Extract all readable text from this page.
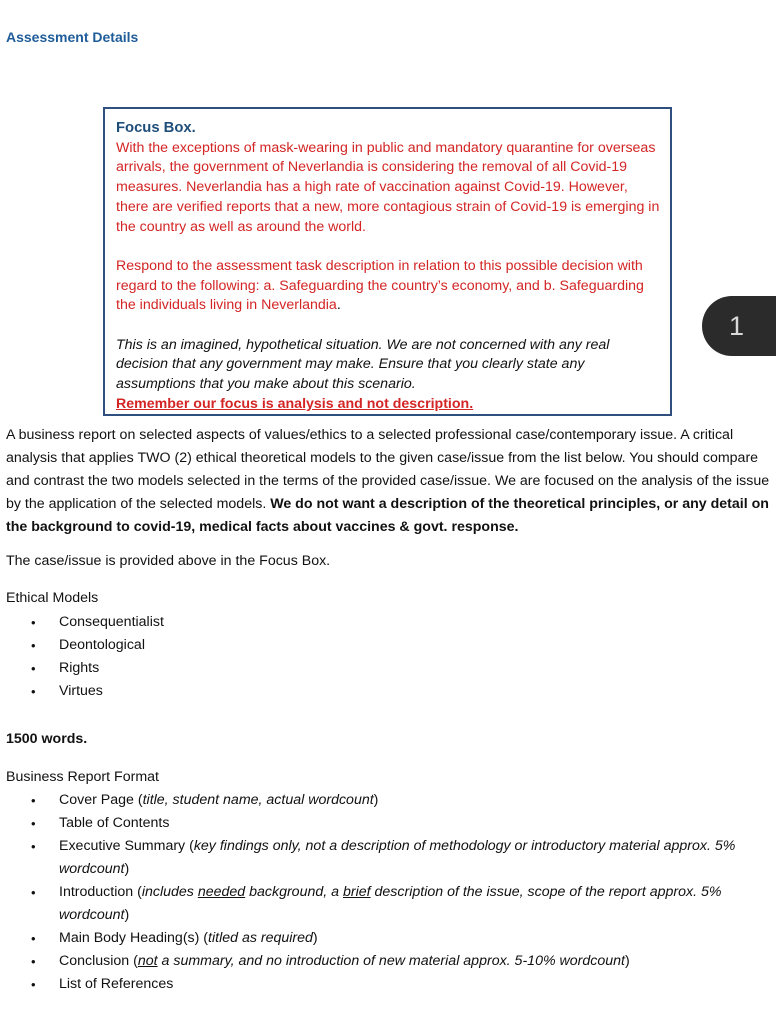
Assessment Details
Focus Box.
With the exceptions of mask-wearing in public and mandatory quarantine for overseas arrivals, the government of Neverlandia is considering the removal of all Covid-19 measures. Neverlandia has a high rate of vaccination against Covid-19. However, there are verified reports that a new, more contagious strain of Covid-19 is emerging in the country as well as around the world.
Respond to the assessment task description in relation to this possible decision with regard to the following: a. Safeguarding the country’s economy, and b. Safeguarding the individuals living in Neverlandia.
This is an imagined, hypothetical situation. We are not concerned with any real decision that any government may make. Ensure that you clearly state any assumptions that you make about this scenario.
Remember our focus is analysis and not description.
1
A business report on selected aspects of values/ethics to a selected professional case/contemporary issue. A critical analysis that applies TWO (2) ethical theoretical models to the given case/issue from the list below. You should compare and contrast the two models selected in the terms of the provided case/issue. We are focused on the analysis of the issue by the application of the selected models. We do not want a description of the theoretical principles, or any detail on the background to covid-19, medical facts about vaccines & govt. response.
The case/issue is provided above in the Focus Box.
Ethical Models
• Consequentialist
• Deontological
• Rights
• Virtues
1500 words.
Business Report Format
• Cover Page (title, student name, actual wordcount)
• Table of Contents
• Executive Summary (key findings only, not a description of methodology or introductory material approx. 5% wordcount)
• Introduction (includes needed background, a brief description of the issue, scope of the report approx. 5% wordcount)
• Main Body Heading(s) (titled as required)
• Conclusion (not a summary, and no introduction of new material approx. 5-10% wordcount)
• List of References
